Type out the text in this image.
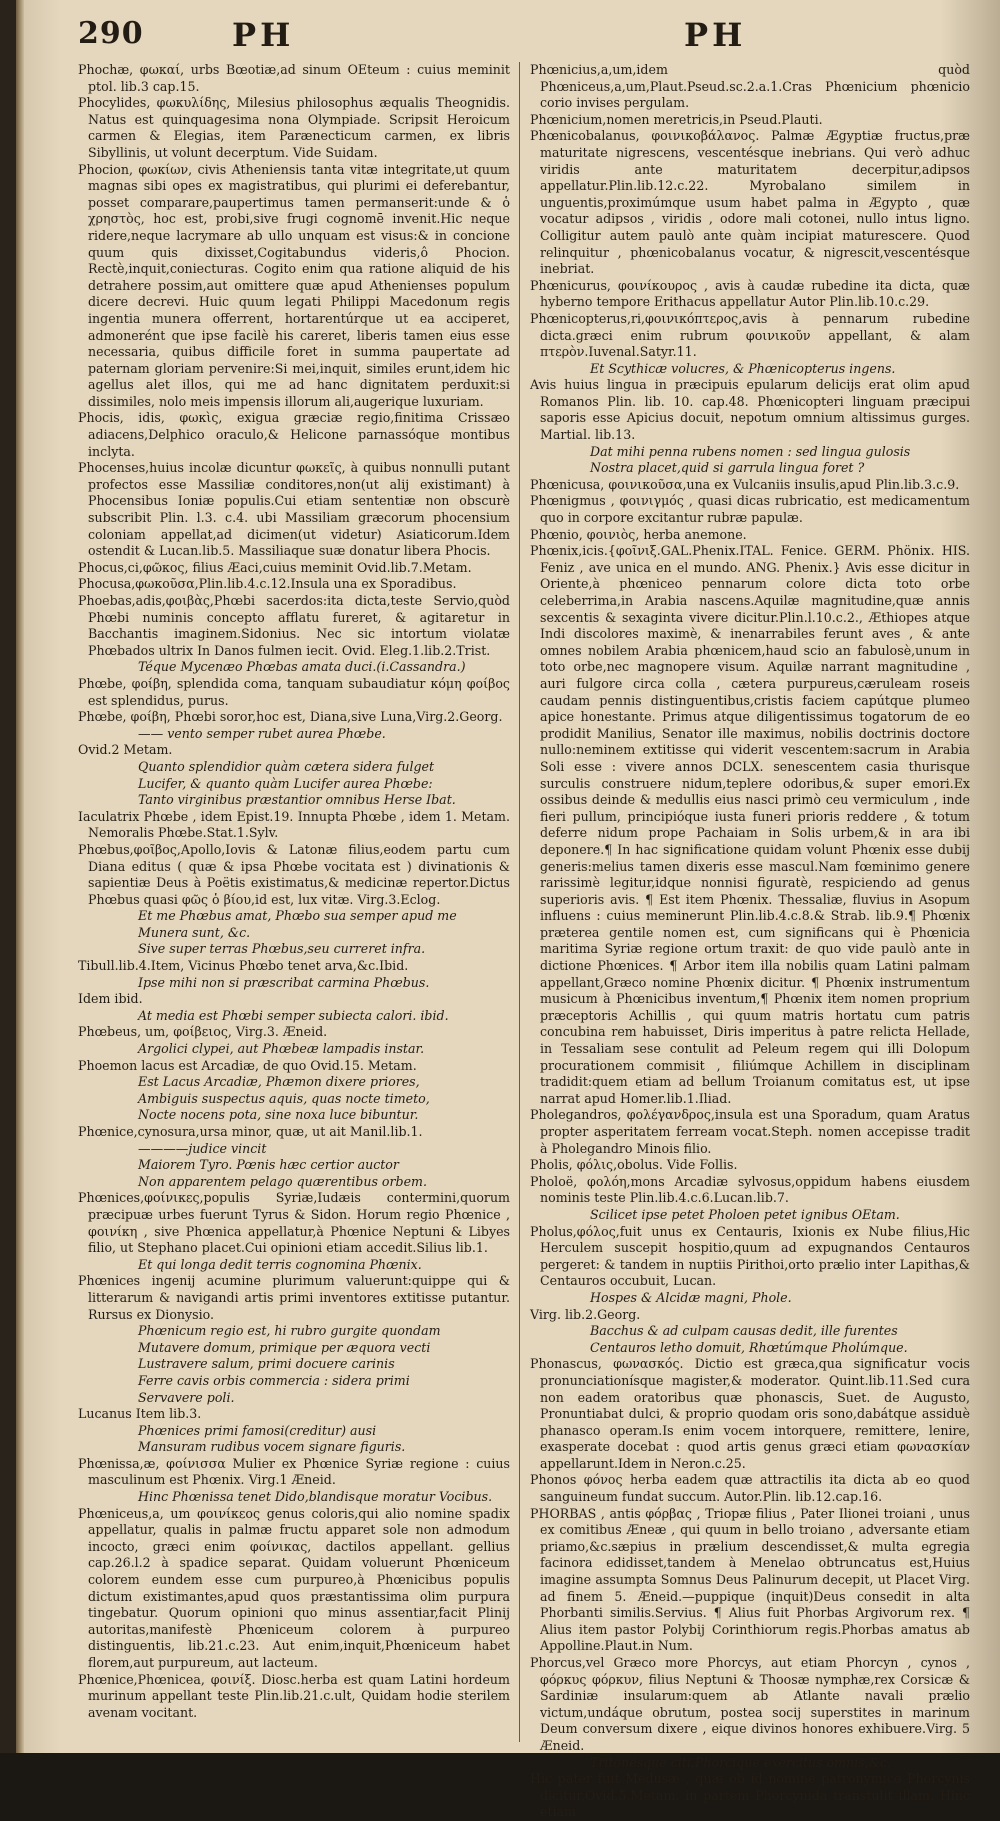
290	PH	PH

Phochæ, φωκαί, urbs Bœotiæ,ad sinum OEteum : cuius meminit ptol. lib.3 cap.15.

Phocylides, φωκυλίδης, Milesius philosophus æqualis Theognidis. Natus est quinquagesima nona Olympiade. Scripsit Heroicum carmen & Elegias, item Parænecticum carmen, ex libris Sibyllinis, ut volunt decerptum. Vide Suidam.

Phocion, φωκίων, civis Atheniensis tanta vitæ integritate,ut quum magnas sibi opes ex magistratibus, qui plurimi ei deferebantur, posset comparare,paupertimus tamen permanserit:unde & ὁ χρηστὸς, hoc est, probi,sive frugi cognomē invenit.Hic neque ridere,neque lacrymare ab ullo unquam est visus:& in concione quum quis dixisset,Cogitabundus videris,ô Phocion. Rectè,inquit,coniecturas. Cogito enim qua ratione aliquid de his detrahere possim,aut omittere quæ apud Athenienses populum dicere decrevi. Huic quum legati Philippi Macedonum regis ingentia munera offerrent, hortarentúrque ut ea acciperet, admonerént que ipse facilè his careret, liberis tamen eius esse necessaria, quibus difficile foret in summa paupertate ad paternam gloriam pervenire:Si mei,inquit, similes erunt,idem hic agellus alet illos, qui me ad hanc dignitatem perduxit:si dissimiles, nolo meis impensis illorum ali,augerique luxuriam.

Phocis, idis, φωκὶς, exigua græciæ regio,finitima Crissæo adiacens,Delphico oraculo,& Helicone parnassóque montibus inclyta.

Phocenses,huius incolæ dicuntur φωκεῖς, à quibus nonnulli putant profectos esse Massiliæ conditores,non(ut alij existimant) à Phocensibus Ioniæ populis.Cui etiam sententiæ non obscurè subscribit Plin. l.3. c.4. ubi Massiliam græcorum phocensium coloniam appellat,ad dicimen(ut videtur) Asiaticorum.Idem ostendit & Lucan.lib.5. Massiliaque suæ donatur libera Phocis.

Phocus,ci,φῶκος, filius Æaci,cuius meminit Ovid.lib.7.Metam.

Phocusa,φωκοῦσα,Plin.lib.4.c.12.Insula una ex Sporadibus.

Phoebas,adis,φοιβὰς,Phœbi sacerdos:ita dicta,teste Servio,quòd Phœbi numinis concepto afflatu fureret, & agitaretur in Bacchantis imaginem.Sidonius. Nec sic intortum violatæ Phœbados ultrix In Danos fulmen iecit. Ovid. Eleg.1.lib.2.Trist.

Téque Mycenæo Phœbas amata duci.(i.Cassandra.)

Phœbe, φοίβη, splendida coma, tanquam subaudiatur κόμη φοίβος est splendidus, purus.

Phœbe, φοίβη, Phœbi soror,hoc est, Diana,sive Luna,Virg.2.Georg.

—— vento semper rubet aurea Phœbe.

Ovid.2 Metam.

Quanto splendidior quàm cætera sidera fulget

Lucifer, & quanto quàm Lucifer aurea Phœbe:

Tanto virginibus præstantior omnibus Herse Ibat.

Iaculatrix Phœbe , idem Epist.19. Innupta Phœbe , idem 1. Metam. Nemoralis Phœbe.Stat.1.Sylv.

Phœbus,φοῖβος,Apollo,Iovis & Latonæ filius,eodem partu cum Diana editus ( quæ & ipsa Phœbe vocitata est ) divinationis & sapientiæ Deus à Poëtis existimatus,& medicinæ repertor.Dictus Phœbus quasi φῶς ὁ βίου,id est, lux vitæ. Virg.3.Eclog.

Et me Phœbus amat, Phœbo sua semper apud me

Munera sunt, &c.

Sive super terras Phœbus,seu curreret infra.

Tibull.lib.4.Item, Vicinus Phœbo tenet arva,&c.Ibid.

Ipse mihi non si præscribat carmina Phœbus.

Idem ibid.

At media est Phœbi semper subiecta calori. ibid.

Phœbeus, um, φοίβειος, Virg.3. Æneid.

Argolici clypei, aut Phœbeæ lampadis instar.

Phoemon lacus est Arcadiæ, de quo Ovid.15. Metam.

Est Lacus Arcadiæ, Phæmon dixere priores,

Ambiguis suspectus aquis, quas nocte timeto,

Nocte nocens pota, sine noxa luce bibuntur.

Phœnice,cynosura,ursa minor, quæ, ut ait Manil.lib.1.

————judice vincit

Maiorem Tyro. Pœnis hæc certior auctor

Non apparentem pelago quærentibus orbem.

Phœnices,φοίνικες,populis Syriæ,Iudæis contermini,quorum præcipuæ urbes fuerunt Tyrus & Sidon. Horum regio Phœnice , φοινίκη , sive Phœnica appellatur,à Phœnice Neptuni & Libyes filio, ut Stephano placet.Cui opinioni etiam accedit.Silius lib.1.

Et qui longa dedit terris cognomina Phœnix.

Phœnices ingenij acumine plurimum valuerunt:quippe qui & litterarum & navigandi artis primi inventores extitisse putantur. Rursus ex Dionysio.

Phœnicum regio est, hi rubro gurgite quondam

Mutavere domum, primique per æquora vecti

Lustravere salum, primi docuere carinis

Ferre cavis orbis commercia : sidera primi

Servavere poli.

Lucanus Item lib.3.

Phœnices primi famosi(creditur) ausi

Mansuram rudibus vocem signare figuris.

Phœnissa,æ, φοίνισσα Mulier ex Phœnice Syriæ regione : cuius masculinum est Phœnix. Virg.1 Æneid.

Hinc Phœnissa tenet Dido,blandisque moratur Vocibus.

Phœniceus,a, um φοινίκεος genus coloris,qui alio nomine spadix appellatur, qualis in palmæ fructu apparet sole non admodum incocto, græci enim φοίνικας, dactilos appellant. gellius cap.26.l.2 à spadice separat. Quidam voluerunt Phœniceum colorem eundem esse cum purpureo,à Phœnicibus populis dictum existimantes,apud quos præstantissima olim purpura tingebatur. Quorum opinioni quo minus assentiar,facit Plinij autoritas,manifestè Phœniceum colorem à purpureo distinguentis, lib.21.c.23. Aut enim,inquit,Phœniceum habet florem,aut purpureum, aut lacteum.

Phœnice,Phœnicea, φοινίξ. Diosc.herba est quam Latini hordeum murinum appellant teste Plin.lib.21.c.ult, Quidam hodie sterilem avenam vocitant.

Phœnicius,a,um,idem quòd Phœniceus,a,um,Plaut.Pseud.sc.2.a.1.Cras Phœnicium phœnicio corio invises pergulam.

Phœnicium,nomen meretricis,in Pseud.Plauti.

Phœnicobalanus, φοινικοβάλανος. Palmæ Ægyptiæ fructus,præ maturitate nigrescens, vescentésque inebrians. Qui verò adhuc viridis ante maturitatem decerpitur,adipsos appellatur.Plin.lib.12.c.22. Myrobalano similem in unguentis,proximúmque usum habet palma in Ægypto , quæ vocatur adipsos , viridis , odore mali cotonei, nullo intus ligno. Colligitur autem paulò ante quàm incipiat maturescere. Quod relinquitur , phœnicobalanus vocatur, & nigrescit,vescentésque inebriat.

Phœnicurus, φοινίκουρος , avis à caudæ rubedine ita dicta, quæ hyberno tempore Erithacus appellatur Autor Plin.lib.10.c.29.

Phœnicopterus,ri,φοινικόπτερος,avis à pennarum rubedine dicta.græci enim rubrum φοινικοῦν appellant, & alam πτερὸν.Iuvenal.Satyr.11.

Et Scythicæ volucres, & Phœnicopterus ingens.

Avis huius lingua in præcipuis epularum delicijs erat olim apud Romanos Plin. lib. 10. cap.48. Phœnicopteri linguam præcipui saporis esse Apicius docuit, nepotum omnium altissimus gurges. Martial. lib.13.

Dat mihi penna rubens nomen : sed lingua gulosis

Nostra placet,quid si garrula lingua foret ?

Phœnicusa, φοινικοῦσα,una ex Vulcaniis insulis,apud Plin.lib.3.c.9.

Phœnigmus , φοινιγμός , quasi dicas rubricatio, est medicamentum quo in corpore excitantur rubræ papulæ.

Phœnio, φοινιὸς, herba anemone.

Phœnix,icis.{φοῖνιξ.GAL.Phenix.ITAL. Fenice. GERM. Phönix. HIS. Feniz , ave unica en el mundo. ANG. Phenix.} Avis esse dicitur in Oriente,à phœniceo pennarum colore dicta toto orbe celeberrima,in Arabia nascens.Aquilæ magnitudine,quæ annis sexcentis & sexaginta vivere dicitur.Plin.l.10.c.2., Æthiopes atque Indi discolores maximè, & inenarrabiles ferunt aves , & ante omnes nobilem Arabia phœnicem,haud scio an fabulosè,unum in toto orbe,nec magnopere visum. Aquilæ narrant magnitudine , auri fulgore circa colla , cætera purpureus,cæruleam roseis caudam pennis distinguentibus,cristis faciem capútque plumeo apice honestante. Primus atque diligentissimus togatorum de eo prodidit Manilius, Senator ille maximus, nobilis doctrinis doctore nullo:neminem extitisse qui viderit vescentem:sacrum in Arabia Soli esse : vivere annos DCLX. senescentem casia thurisque surculis construere nidum,teplere odoribus,& super emori.Ex ossibus deinde & medullis eius nasci primò ceu vermiculum , inde fieri pullum, principióque iusta funeri prioris reddere , & totum deferre nidum prope Pachaiam in Solis urbem,& in ara ibi deponere.¶ In hac significatione quidam volunt Phœnix esse dubij generis:melius tamen dixeris esse mascul.Nam fœminimo genere rarissimè legitur,idque nonnisi figuratè, respiciendo ad genus superioris avis. ¶ Est item Phœnix. Thessaliæ, fluvius in Asopum influens : cuius meminerunt Plin.lib.4.c.8.& Strab. lib.9.¶ Phœnix præterea gentile nomen est, cum significans qui è Phœnicia maritima Syriæ regione ortum traxit: de quo vide paulò ante in dictione Phœnices. ¶ Arbor item illa nobilis quam Latini palmam appellant,Græco nomine Phœnix dicitur. ¶ Phœnix instrumentum musicum à Phœnicibus inventum,¶ Phœnix item nomen proprium præceptoris Achillis , qui quum matris hortatu cum patris concubina rem habuisset, Diris imperitus à patre relicta Hellade, in Tessaliam sese contulit ad Peleum regem qui illi Dolopum procurationem commisit , filiúmque Achillem in disciplinam tradidit:quem etiam ad bellum Troianum comitatus est, ut ipse narrat apud Homer.lib.1.Iliad.

Pholegandros, φολέγανδρος,insula est una Sporadum, quam Aratus propter asperitatem ferream vocat.Steph. nomen accepisse tradit à Pholegandro Minois filio.

Pholis, φόλις,obolus. Vide Follis.

Pholoë, φολόη,mons Arcadiæ sylvosus,oppidum habens eiusdem nominis teste Plin.lib.4.c.6.Lucan.lib.7.

Scilicet ipse petet Pholoen petet ignibus OEtam.

Pholus,φόλος,fuit unus ex Centauris, Ixionis ex Nube filius,Hic Herculem suscepit hospitio,quum ad expugnandos Centauros pergeret: & tandem in nuptiis Pirithoi,orto prælio inter Lapithas,& Centauros occubuit, Lucan.

Hospes & Alcidæ magni, Phole.

Virg. lib.2.Georg.

Bacchus & ad culpam causas dedit, ille furentes

Centauros letho domuit, Rhœtúmque Pholúmque.

Phonascus, φωνασκός. Dictio est græca,qua significatur vocis pronunciationísque magister,& moderator. Quint.lib.11.Sed cura non eadem oratoribus quæ phonascis, Suet. de Augusto, Pronuntiabat dulci, & proprio quodam oris sono,dabátque assiduè phanasco operam.Is enim vocem intorquere, remittere, lenire, exasperate docebat : quod artis genus græci etiam φωνασκίαν appellarunt.Idem in Neron.c.25.

Phonos φόνος herba eadem quæ attractilis ita dicta ab eo quod sanguineum fundat succum. Autor.Plin. lib.12.cap.16.

PHORBAS , antis φόρβας , Triopæ filius , Pater Ilionei troiani , unus ex comitibus Æneæ , qui quum in bello troiano , adversante etiam priamo,&c.sæpius in prælium descendisset,& multa egregia facinora edidisset,tandem à Menelao obtruncatus est,Huius imagine assumpta Somnus Deus Palinurum decepit, ut Placet Virg. ad finem 5. Æneid.—puppique (inquit)Deus consedit in alta Phorbanti similis.Servius. ¶ Alius fuit Phorbas Argivorum rex. ¶ Alius item pastor Polybij Corinthiorum regis.Phorbas amatus ab Appolline.Plaut.in Num.

Phorcus,vel Græco more Phorcys, aut etiam Phorcyn , cynos , φόρκυς φόρκυν, filius Neptuni & Thoosæ nymphæ,rex Corsicæ & Sardiniæ insularum:quem ab Atlante navali prælio victum,undáque obrutum, postea socij superstites in marinum Deum conversum dixere , eique divinos honores exhibuere.Virg. 5 Æneid.

Tritonésque citi,Phorcique exercitus omnis,&c.

Hic pater fuit Medusæ , quæ ob id nomine patronymico Phorcynis dicitur,Ovid.5.Metam. in partem Phorcynida transtulit illam. Hinc etiam
